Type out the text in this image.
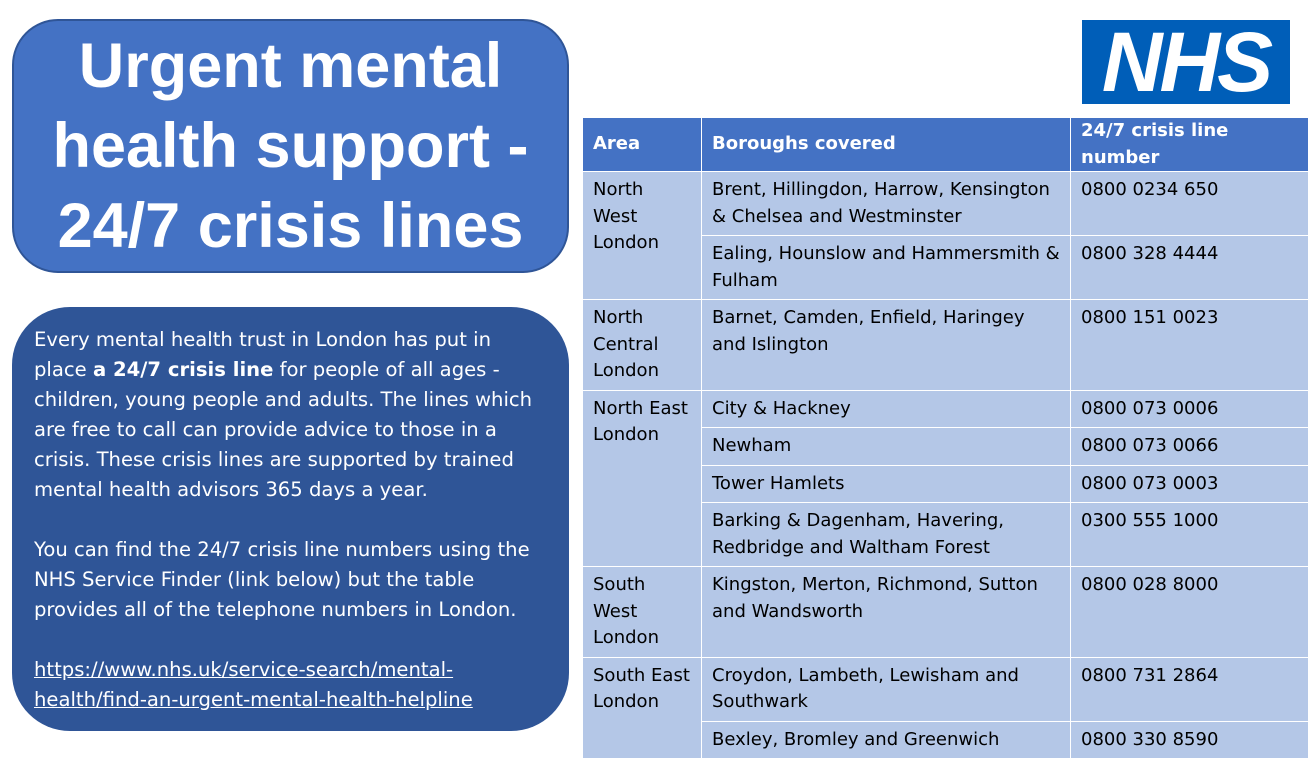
Urgent mental health support - 24/7 crisis lines
NHS

Every mental health trust in London has put in place a 24/7 crisis line for people of all ages - children, young people and adults. The lines which are free to call can provide advice to those in a crisis. These crisis lines are supported by trained mental health advisors 365 days a year.

You can find the 24/7 crisis line numbers using the NHS Service Finder (link below) but the table provides all of the telephone numbers in London.

https://www.nhs.uk/service-search/mental-health/find-an-urgent-mental-health-helpline

Area	Boroughs covered	24/7 crisis line number
North West London	Brent, Hillingdon, Harrow, Kensington & Chelsea and Westminster	0800 0234 650
	Ealing, Hounslow and Hammersmith & Fulham	0800 328 4444
North Central London	Barnet, Camden, Enfield, Haringey and Islington	0800 151 0023
North East London	City & Hackney	0800 073 0006
	Newham	0800 073 0066
	Tower Hamlets	0800 073 0003
	Barking & Dagenham, Havering, Redbridge and Waltham Forest	0300 555 1000
South West London	Kingston, Merton, Richmond, Sutton and Wandsworth	0800 028 8000
South East London	Croydon, Lambeth, Lewisham and Southwark	0800 731 2864
	Bexley, Bromley and Greenwich	0800 330 8590
